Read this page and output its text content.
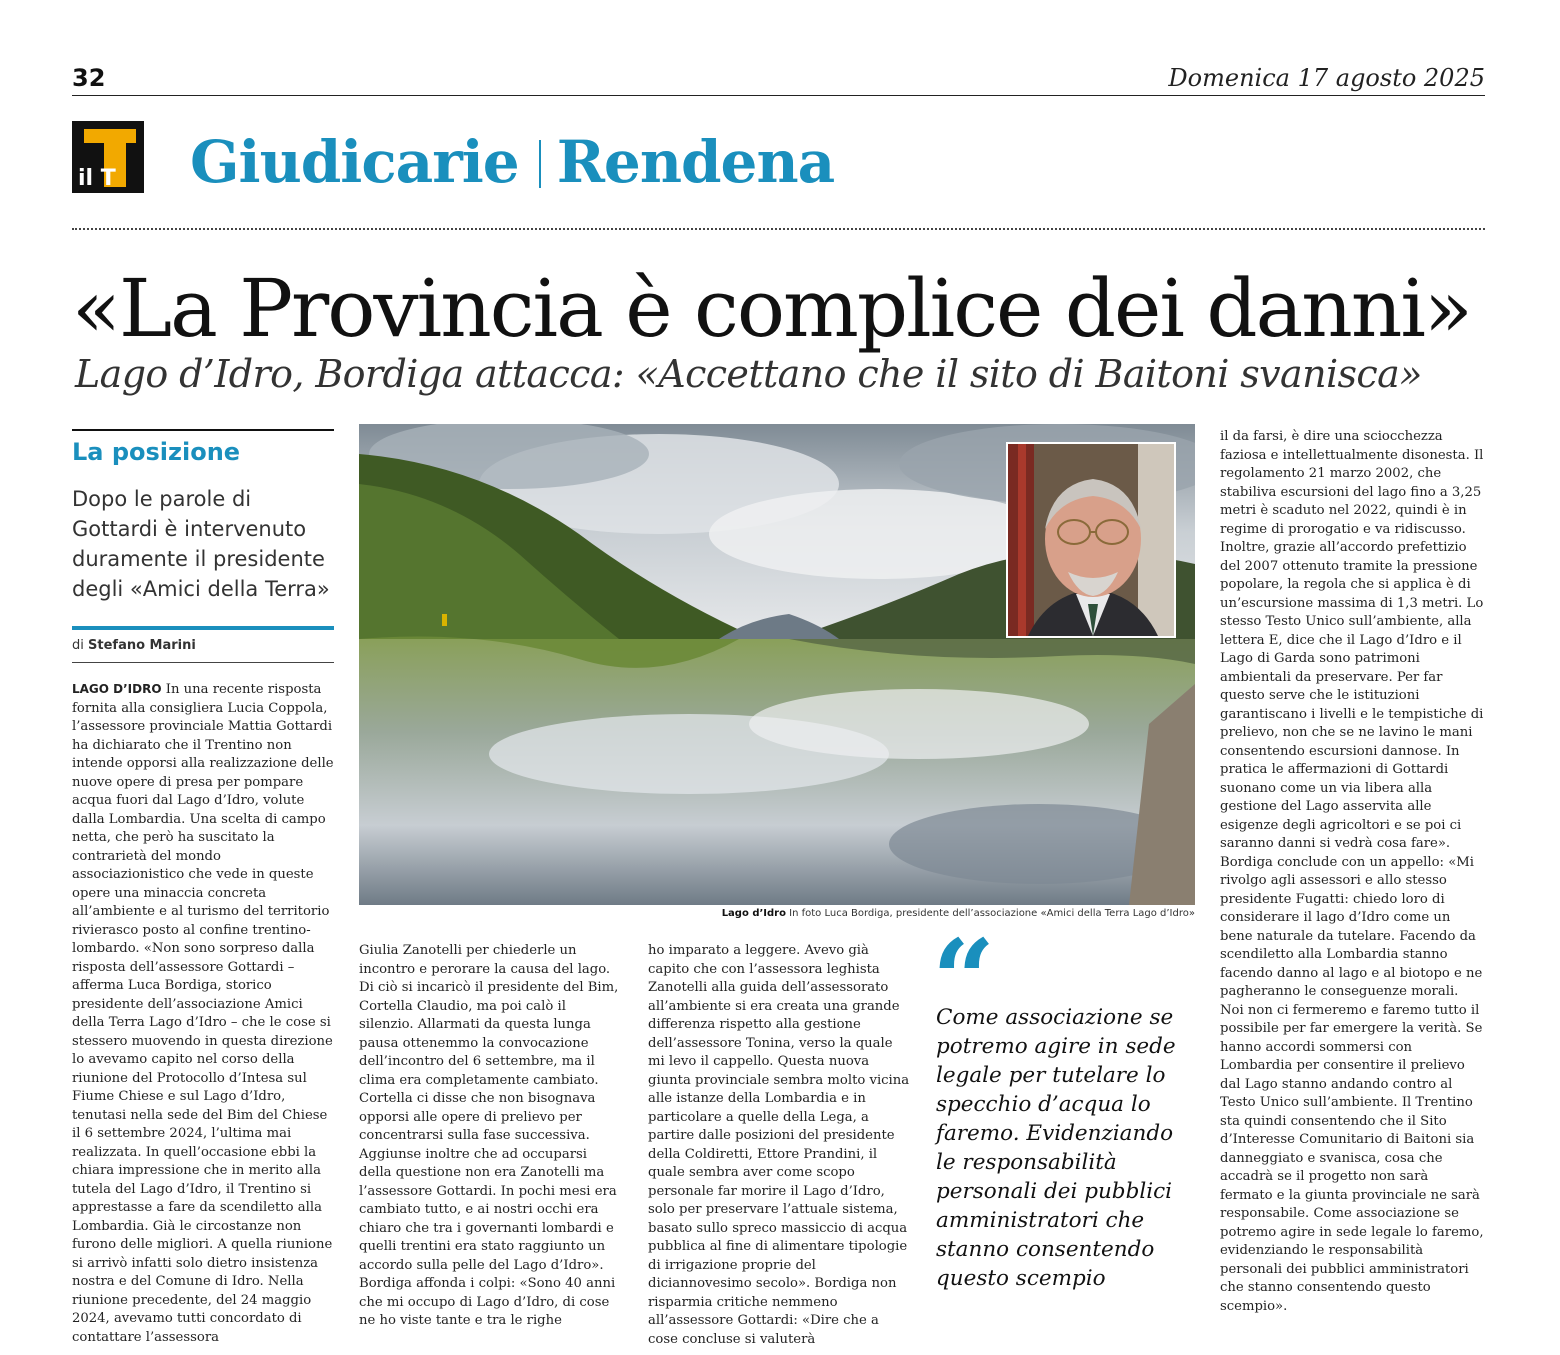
32	Domenica 17 agosto 2025
il T Giudicarie Rendena
«La Provincia è complice dei danni»
Lago d’Idro, Bordiga attacca: «Accettano che il sito di Baitoni svanisca»
La posizione
Dopo le parole di Gottardi è intervenuto duramente il presidente degli «Amici della Terra»
di Stefano Marini
LAGO D’IDRO In una recente risposta fornita alla consigliera Lucia Coppola, l’assessore provinciale Mattia Gottardi ha dichiarato che il Trentino non intende opporsi alla realizzazione delle nuove opere di presa per pompare acqua fuori dal Lago d’Idro, volute dalla Lombardia. Una scelta di campo netta, che però ha suscitato la contrarietà del mondo associazionistico che vede in queste opere una minaccia concreta all’ambiente e al turismo del territorio rivierasco posto al confine trentino-lombardo. «Non sono sorpreso dalla risposta dell’assessore Gottardi – afferma Luca Bordiga, storico presidente dell’associazione Amici della Terra Lago d’Idro – che le cose si stessero muovendo in questa direzione lo avevamo capito nel corso della riunione del Protocollo d’Intesa sul Fiume Chiese e sul Lago d’Idro, tenutasi nella sede del Bim del Chiese il 6 settembre 2024, l’ultima mai realizzata. In quell’occasione ebbi la chiara impressione che in merito alla tutela del Lago d’Idro, il Trentino si apprestasse a fare da scendiletto alla Lombardia. Già le circostanze non furono delle migliori. A quella riunione si arrivò infatti solo dietro insistenza nostra e del Comune di Idro. Nella riunione precedente, del 24 maggio 2024, avevamo tutti concordato di contattare l’assessora
Giulia Zanotelli per chiederle un incontro e perorare la causa del lago. Di ciò si incaricò il presidente del Bim, Cortella Claudio, ma poi calò il silenzio. Allarmati da questa lunga pausa ottenemmo la convocazione dell’incontro del 6 settembre, ma il clima era completamente cambiato. Cortella ci disse che non bisognava opporsi alle opere di prelievo per concentrarsi sulla fase successiva. Aggiunse inoltre che ad occuparsi della questione non era Zanotelli ma l’assessore Gottardi. In pochi mesi era cambiato tutto, e ai nostri occhi era chiaro che tra i governanti lombardi e quelli trentini era stato raggiunto un accordo sulla pelle del Lago d’Idro». Bordiga affonda i colpi: «Sono 40 anni che mi occupo di Lago d’Idro, di cose ne ho viste tante e tra le righe
ho imparato a leggere. Avevo già capito che con l’assessora leghista Zanotelli alla guida dell’assessorato all’ambiente si era creata una grande differenza rispetto alla gestione dell’assessore Tonina, verso la quale mi levo il cappello. Questa nuova giunta provinciale sembra molto vicina alle istanze della Lombardia e in particolare a quelle della Lega, a partire dalle posizioni del presidente della Coldiretti, Ettore Prandini, il quale sembra aver come scopo personale far morire il Lago d’Idro, solo per preservare l’attuale sistema, basato sullo spreco massiccio di acqua pubblica al fine di alimentare tipologie di irrigazione proprie del diciannovesimo secolo». Bordiga non risparmia critiche nemmeno all’assessore Gottardi: «Dire che a cose concluse si valuterà
il da farsi, è dire una sciocchezza faziosa e intellettualmente disonesta. Il regolamento 21 marzo 2002, che stabiliva escursioni del lago fino a 3,25 metri è scaduto nel 2022, quindi è in regime di prorogatio e va ridiscusso. Inoltre, grazie all’accordo prefettizio del 2007 ottenuto tramite la pressione popolare, la regola che si applica è di un’escursione massima di 1,3 metri. Lo stesso Testo Unico sull’ambiente, alla lettera E, dice che il Lago d’Idro e il Lago di Garda sono patrimoni ambientali da preservare. Per far questo serve che le istituzioni garantiscano i livelli e le tempistiche di prelievo, non che se ne lavino le mani consentendo escursioni dannose. In pratica le affermazioni di Gottardi suonano come un via libera alla gestione del Lago asservita alle esigenze degli agricoltori e se poi ci saranno danni si vedrà cosa fare». Bordiga conclude con un appello: «Mi rivolgo agli assessori e allo stesso presidente Fugatti: chiedo loro di considerare il lago d’Idro come un bene naturale da tutelare. Facendo da scendiletto alla Lombardia stanno facendo danno al lago e al biotopo e ne pagheranno le conseguenze morali. Noi non ci fermeremo e faremo tutto il possibile per far emergere la verità. Se hanno accordi sommersi con Lombardia per consentire il prelievo dal Lago stanno andando contro al Testo Unico sull’ambiente. Il Trentino sta quindi consentendo che il Sito d’Interesse Comunitario di Baitoni sia danneggiato e svanisca, cosa che accadrà se il progetto non sarà fermato e la giunta provinciale ne sarà responsabile. Come associazione se potremo agire in sede legale lo faremo, evidenziando le responsabilità personali dei pubblici amministratori che stanno consentendo questo scempio».
Lago d’Idro In foto Luca Bordiga, presidente dell’associazione «Amici della Terra Lago d’Idro»
“
Come associazione se potremo agire in sede legale per tutelare lo specchio d’acqua lo faremo. Evidenziando le responsabilità personali dei pubblici amministratori che stanno consentendo questo scempio
